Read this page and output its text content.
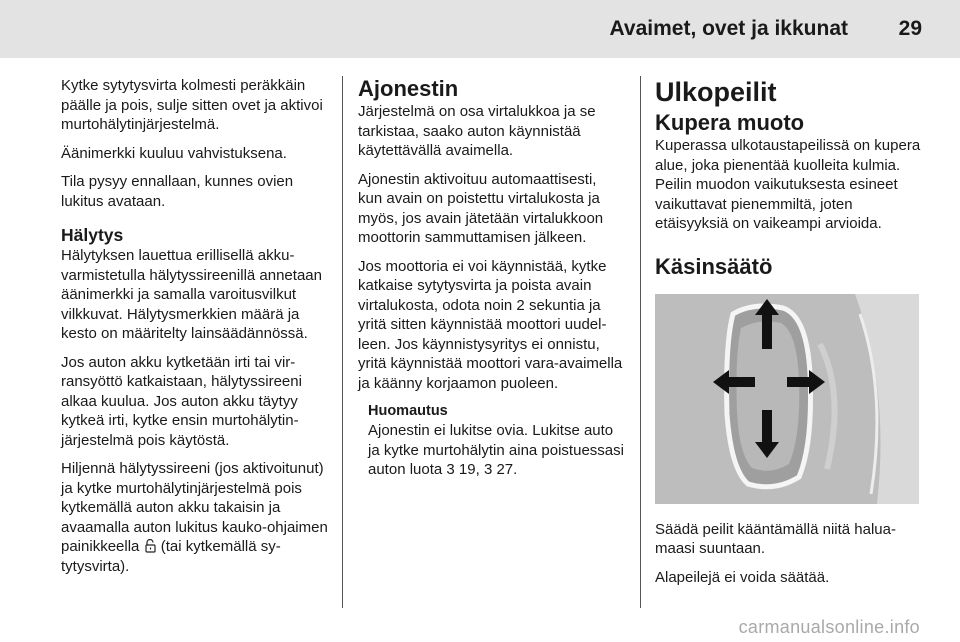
Avaimet, ovet ja ikkunat 29

Kytke sytytysvirta kolmesti peräkkäin päälle ja pois, sulje sitten ovet ja aktivoi murtohälytinjärjestelmä.

Äänimerkki kuuluu vahvistuksena.

Tila pysyy ennallaan, kunnes ovien lukitus avataan.

Hälytys

Hälytyksen lauettua erillisellä akkuvarmistetulla hälytyssireenillä annetaan äänimerkki ja samalla varoitusvilkut vilkkuvat. Hälytysmerkkien määrä ja kesto on määritelty lainsäädännössä.

Jos auton akku kytketään irti tai virransyöttö katkaistaan, hälytyssireeni alkaa kuulua. Jos auton akku täytyy kytkeä irti, kytke ensin murtohälytinjärjestelmä pois käytöstä.

Hiljennä hälytyssireeni (jos aktivoitunut) ja kytke murtohälytinjärjestelmä pois kytkemällä auton akku takaisin ja avaamalla auton lukitus kauko-ohjaimen painikkeella  (tai kytkemällä sytytysvirta).

Ajonestin

Järjestelmä on osa virtalukkoa ja se tarkistaa, saako auton käynnistää käytettävällä avaimella.

Ajonestin aktivoituu automaattisesti, kun avain on poistettu virtalukosta ja myös, jos avain jätetään virtalukkoon moottorin sammuttamisen jälkeen.

Jos moottoria ei voi käynnistää, kytke katkaise sytytysvirta ja poista avain virtalukosta, odota noin 2 sekuntia ja yritä sitten käynnistää moottori uudelleen. Jos käynnistysyritys ei onnistu, yritä käynnistää moottori vara-avaimella ja käänny korjaamon puoleen.

Huomautus

Ajonestin ei lukitse ovia. Lukitse auto ja kytke murtohälytin aina poistuessasi auton luota 3 19, 3 27.

Ulkopeilit
Kupera muoto

Kuperassa ulkotaustapeilissä on kupera alue, joka pienentää kuolleita kulmia. Peilin muodon vaikutuksesta esineet vaikuttavat pienemmiltä, joten etäisyyksiä on vaikeampi arvioida.

Käsinsäätö

Säädä peilit kääntämällä niitä haluamaasi suuntaan.

Alapeilejä ei voida säätää.

carmanualsonline.info
